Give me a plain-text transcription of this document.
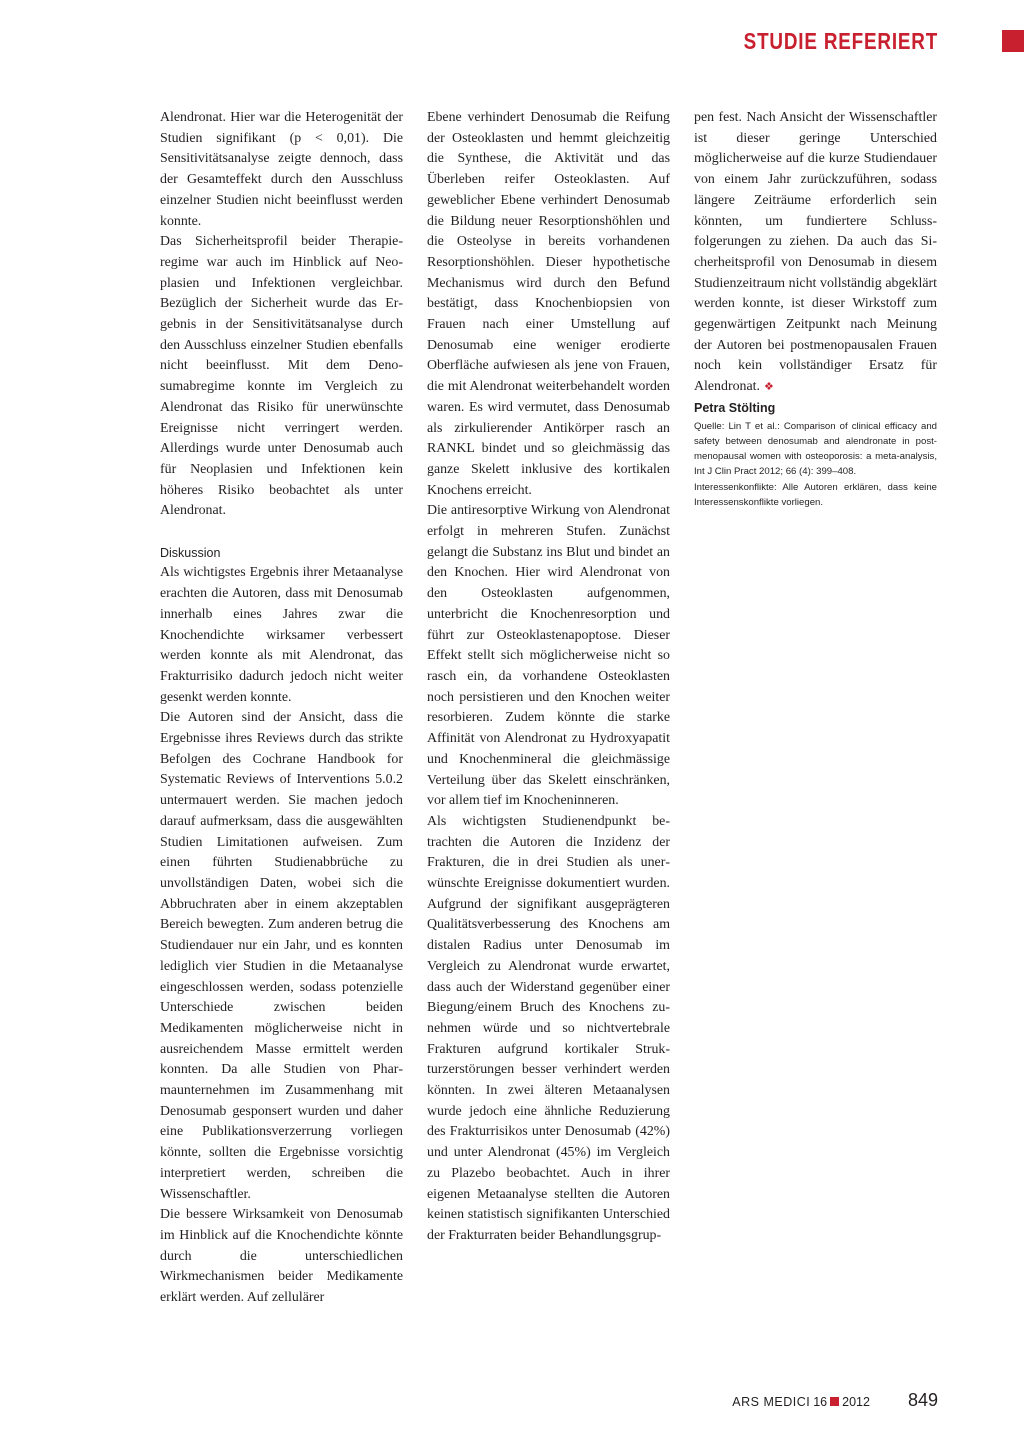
STUDIE REFERIERT

Alendronat. Hier war die Heterogenität der Studien signifikant (p < 0,01). Die Sensitivitätsanalyse zeigte dennoch, dass der Gesamteffekt durch den Ausschluss einzelner Studien nicht beeinflusst werden konnte.

Das Sicherheitsprofil beider Therapieregime war auch im Hinblick auf Neoplasien und Infektionen vergleichbar. Bezüglich der Sicherheit wurde das Ergebnis in der Sensitivitätsanalyse durch den Ausschluss einzelner Studien ebenfalls nicht beeinflusst. Mit dem Denosumabregime konnte im Vergleich zu Alendronat das Risiko für unerwünschte Ereignisse nicht verringert werden. Allerdings wurde unter Denosumab auch für Neoplasien und Infektionen kein höheres Risiko beobachtet als unter Alendronat.

Diskussion

Als wichtigstes Ergebnis ihrer Metaanalyse erachten die Autoren, dass mit Denosumab innerhalb eines Jahres zwar die Knochendichte wirksamer verbessert werden konnte als mit Alendronat, das Frakturrisiko dadurch jedoch nicht weiter gesenkt werden konnte.

Die Autoren sind der Ansicht, dass die Ergebnisse ihres Reviews durch das strikte Befolgen des Cochrane Handbook for Systematic Reviews of Interventions 5.0.2 untermauert werden. Sie machen jedoch darauf aufmerksam, dass die ausgewählten Studien Limitationen aufweisen. Zum einen führten Studienabbrüche zu unvollständigen Daten, wobei sich die Abbruchraten aber in einem akzeptablen Bereich bewegten. Zum anderen betrug die Studiendauer nur ein Jahr, und es konnten lediglich vier Studien in die Metaanalyse eingeschlossen werden, sodass potenzielle Unterschiede zwischen beiden Medikamenten möglicherweise nicht in ausreichendem Masse ermittelt werden konnten. Da alle Studien von Pharmaunternehmen im Zusammenhang mit Denosumab gesponsert wurden und daher eine Publikationsverzerrung vorliegen könnte, sollten die Ergebnisse vorsichtig interpretiert werden, schreiben die Wissenschaftler.

Die bessere Wirksamkeit von Denosumab im Hinblick auf die Knochendichte könnte durch die unterschiedlichen Wirkmechanismen beider Medikamente erklärt werden. Auf zellulärer

Ebene verhindert Denosumab die Reifung der Osteoklasten und hemmt gleichzeitig die Synthese, die Aktivität und das Überleben reifer Osteoklasten. Auf geweblicher Ebene verhindert Denosumab die Bildung neuer Resorptionshöhlen und die Osteolyse in bereits vorhandenen Resorptionshöhlen. Dieser hypothetische Mechanismus wird durch den Befund bestätigt, dass Knochenbiopsien von Frauen nach einer Umstellung auf Denosumab eine weniger erodierte Oberfläche aufwiesen als jene von Frauen, die mit Alendronat weiterbehandelt worden waren. Es wird vermutet, dass Denosumab als zirkulierender Antikörper rasch an RANKL bindet und so gleichmässig das ganze Skelett inklusive des kortikalen Knochens erreicht.

Die antiresorptive Wirkung von Alendronat erfolgt in mehreren Stufen. Zunächst gelangt die Substanz ins Blut und bindet an den Knochen. Hier wird Alendronat von den Osteoklasten aufgenommen, unterbricht die Knochenresorption und führt zur Osteoklastenapoptose. Dieser Effekt stellt sich möglicherweise nicht so rasch ein, da vorhandene Osteoklasten noch persistieren und den Knochen weiter resorbieren. Zudem könnte die starke Affinität von Alendronat zu Hydroxyapatit und Knochenmineral die gleichmässige Verteilung über das Skelett einschränken, vor allem tief im Knocheninneren.

Als wichtigsten Studienendpunkt betrachten die Autoren die Inzidenz der Frakturen, die in drei Studien als unerwünschte Ereignisse dokumentiert wurden. Aufgrund der signifikant ausgeprägteren Qualitätsverbesserung des Knochens am distalen Radius unter Denosumab im Vergleich zu Alendronat wurde erwartet, dass auch der Widerstand gegenüber einer Biegung/einem Bruch des Knochens zunehmen würde und so nichtvertebrale Frakturen aufgrund kortikaler Strukturzerstörungen besser verhindert werden könnten. In zwei älteren Metaanalysen wurde jedoch eine ähnliche Reduzierung des Frakturrisikos unter Denosumab (42%) und unter Alendronat (45%) im Vergleich zu Plazebo beobachtet. Auch in ihrer eigenen Metaanalyse stellten die Autoren keinen statistisch signifikanten Unterschied der Frakturraten beider Behandlungsgrup-

pen fest. Nach Ansicht der Wissenschaftler ist dieser geringe Unterschied möglicherweise auf die kurze Studiendauer von einem Jahr zurückzuführen, sodass längere Zeiträume erforderlich sein könnten, um fundiertere Schlussfolgerungen zu ziehen. Da auch das Sicherheitsprofil von Denosumab in diesem Studienzeitraum nicht vollständig abgeklärt werden konnte, ist dieser Wirkstoff zum gegenwärtigen Zeitpunkt nach Meinung der Autoren bei postmenopausalen Frauen noch kein vollständiger Ersatz für Alendronat. ❖

Petra Stölting

Quelle: Lin T et al.: Comparison of clinical efficacy and safety between denosumab and alendronate in postmenopausal women with osteoporosis: a meta-analysis, Int J Clin Pract 2012; 66 (4): 399–408.

Interessenkonflikte: Alle Autoren erklären, dass keine Interessenskonflikte vorliegen.

ARS MEDICI 16 2012 849
